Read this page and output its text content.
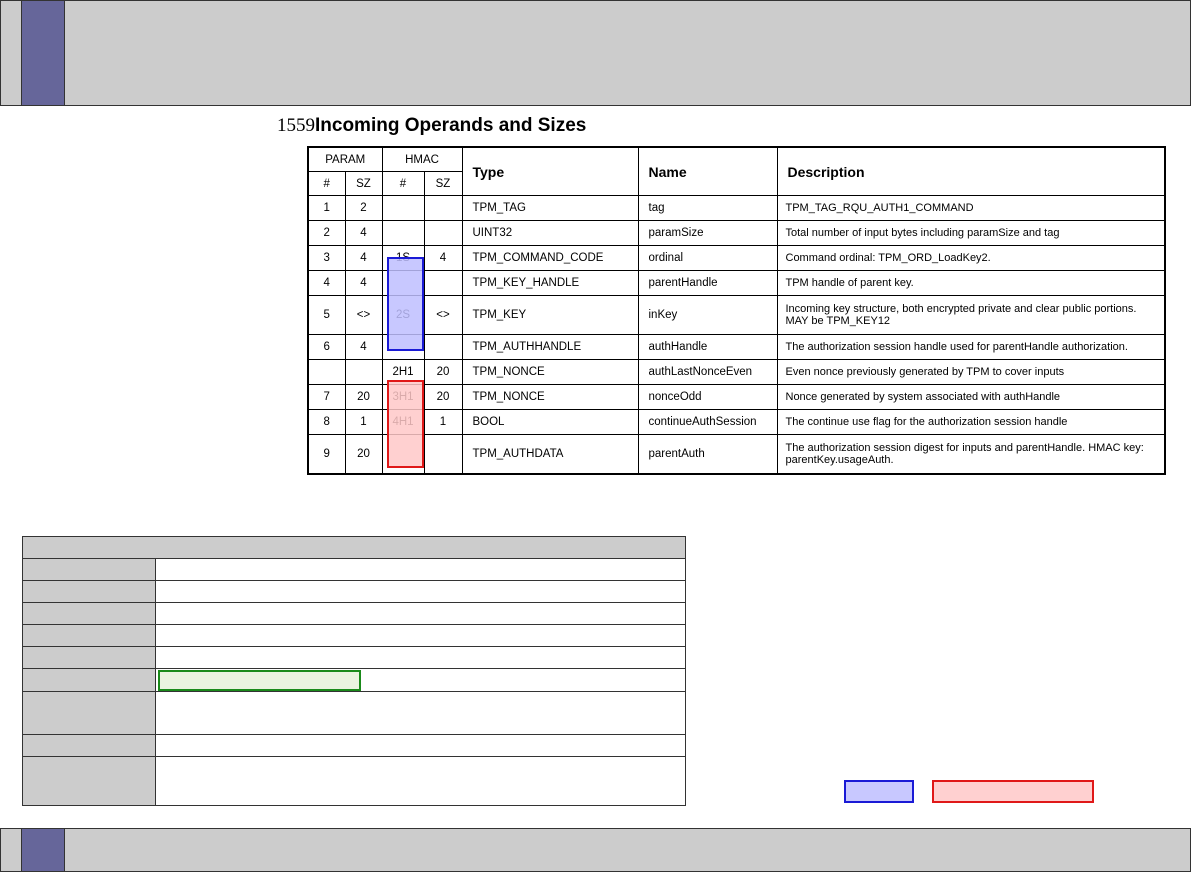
1559Incoming Operands and Sizes
PARAM		HMAC		Type	Name	Description
#	SZ	#	SZ			
1	2			TPM_TAG	tag	TPM_TAG_RQU_AUTH1_COMMAND
2	4			UINT32	paramSize	Total number of input bytes including paramSize and tag
3	4		4	TPM_COMMAND_CODE	ordinal	Command ordinal: TPM_ORD_LoadKey2.
4	4			TPM_KEY_HANDLE	parentHandle	TPM handle of parent key.
5	<>		<>	TPM_KEY	inKey	Incoming key structure, both encrypted private and clear public portions. MAY be TPM_KEY12
6	4			TPM_AUTHHANDLE	authHandle	The authorization session handle used for parentHandle authorization.
		2H1	20	TPM_NONCE	authLastNonceEven	Even nonce previously generated by TPM to cover inputs
7	20		20	TPM_NONCE	nonceOdd	Nonce generated by system associated with authHandle
8	1		1	BOOL	continueAuthSession	The continue use flag for the authorization session handle
9	20			TPM_AUTHDATA	parentAuth	The authorization session digest for inputs and parentHandle. HMAC key: parentKey.usageAuth.
